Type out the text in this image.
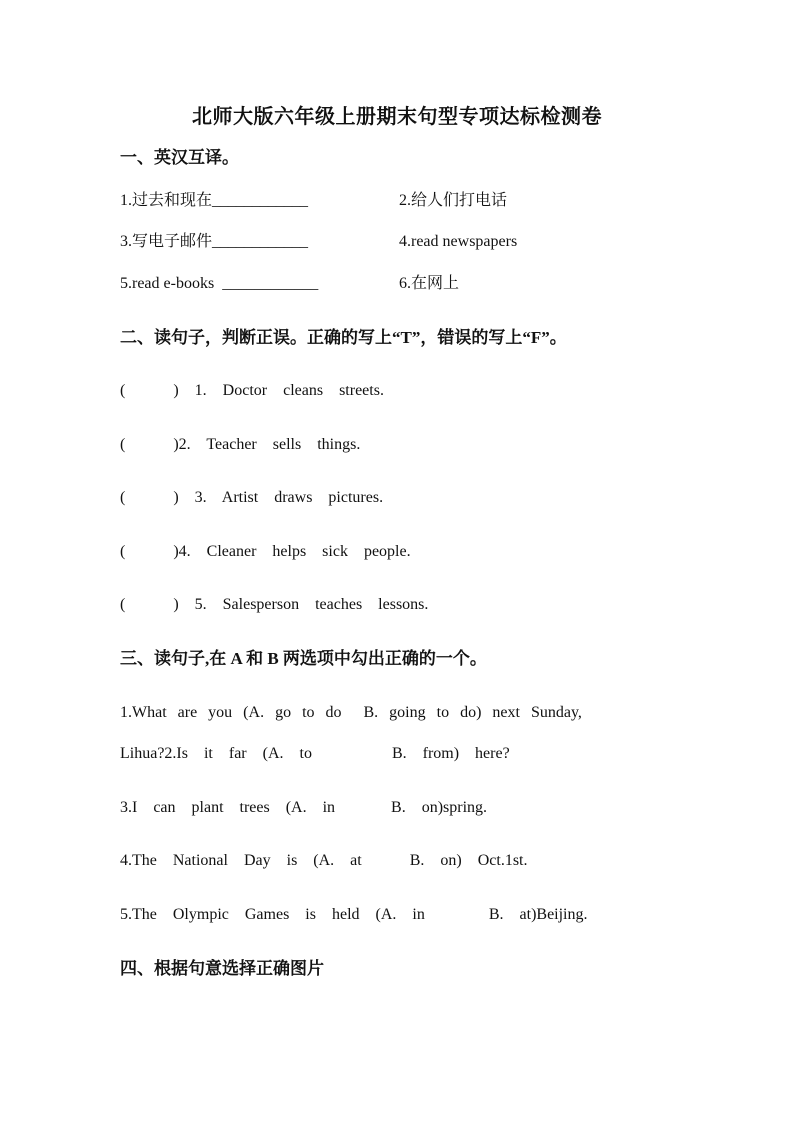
北师大版六年级上册期末句型专项达标检测卷
一、英汉互译。
1.过去和现在____________	2.给人们打电话
3.写电子邮件____________	4.read newspapers
5.read e-books  ____________	6.在网上
二、读句子，判断正误。正确的写上“T”，错误的写上“F”。
(      )  1.  Doctor  cleans  streets.
(      )2.  Teacher  sells  things.
(      )  3.  Artist  draws  pictures.
(      )4.  Cleaner  helps  sick  people.
(      )  5.  Salesperson  teaches  lessons.
三、读句子,在 A 和 B 两选项中勾出正确的一个。
1.What are you (A. go to do  B. going to do) next Sunday,
Lihua?2.Is  it  far  (A.  to          B.  from)  here?
3.I  can  plant  trees  (A.  in       B.  on)spring.
4.The  National  Day  is  (A.  at      B.  on)  Oct.1st.
5.The  Olympic  Games  is  held  (A.  in        B.  at)Beijing.
四、根据句意选择正确图片
